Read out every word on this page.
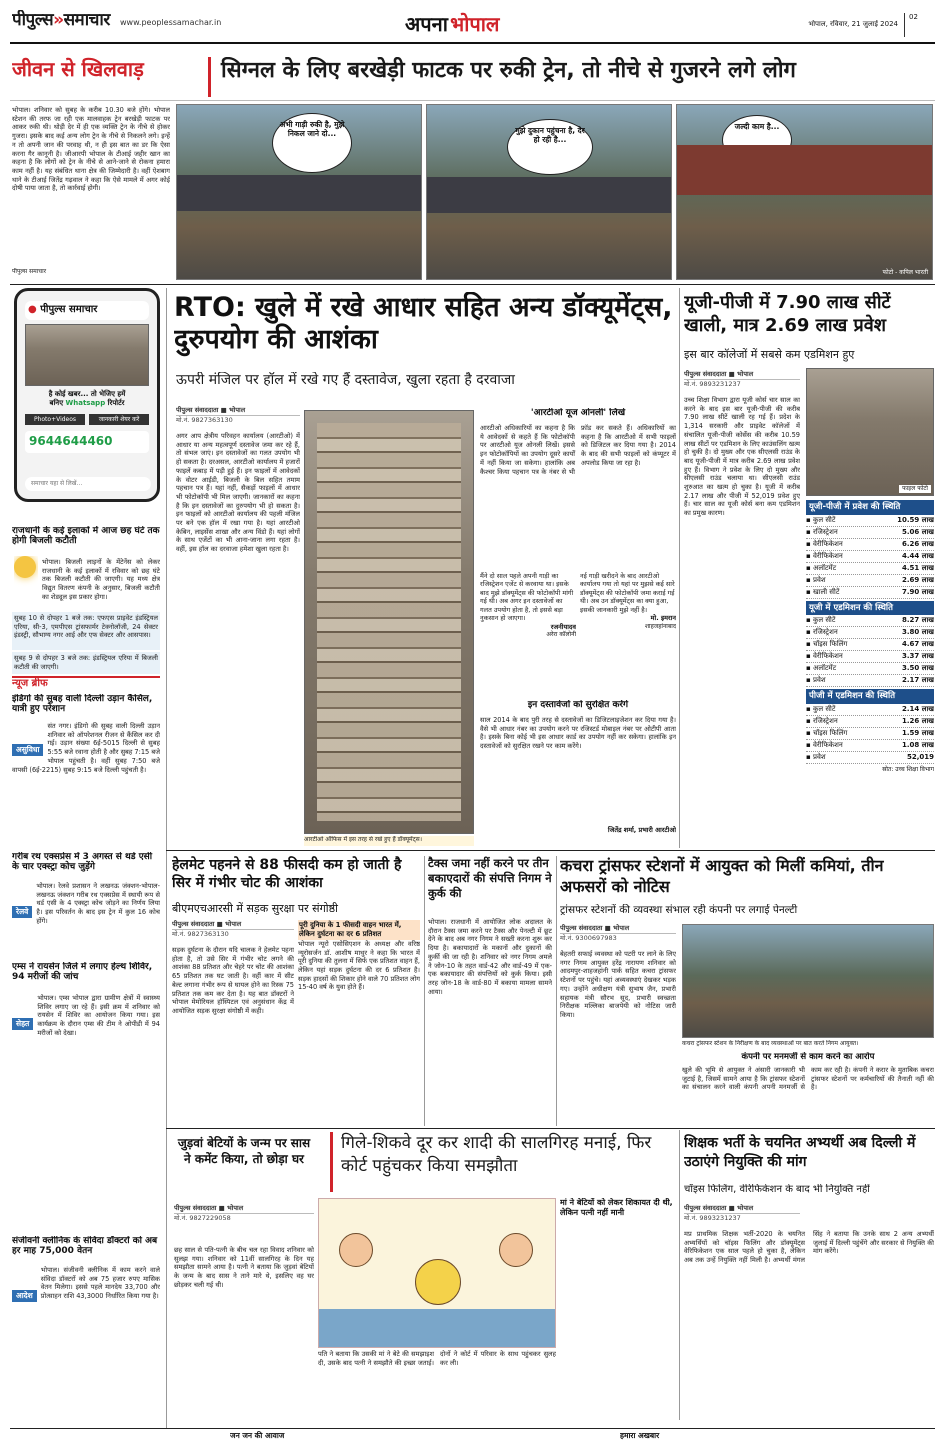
पीपुल्स»समाचार www.peoplessamachar.in	अपना भोपाल	भोपाल, रविवार, 21 जुलाई 2024
02
जीवन से खिलवाड़	सिग्नल के लिए बरखेड़ी फाटक पर रुकी ट्रेन, तो नीचे से गुजरने लगे लोग
भोपाल। शनिवार को सुबह के करीब 10.30 बजे होंगे। भोपाल स्टेशन की तरफ जा रही एक मालवाहक ट्रेन बरखेड़ी फाटक पर आकर रुकी थी। थोड़ी देर में ही एक व्यक्ति ट्रेन के नीचे से होकर गुजरा। इसके बाद कई अन्य लोग ट्रेन के नीचे से निकलने लगे। इन्हें न तो अपनी जान की परवाह थी, न ही इस बात का डर कि ऐसा करना गैर कानूनी है। जीआरपी भोपाल के टीआई जहीर खान का कहना है कि लोगों को ट्रेन के नीचे से आने-जाने से रोकना हमारा काम नहीं है। यह संबंधित थाना क्षेत्र की जिम्मेदारी है। वहीं ऐशबाग थाने के टीआई जितेंद्र गढ़वाल ने कहा कि ऐसे मामले में अगर कोई दोषी पाया जाता है, तो कार्रवाई होगी।
पीपुल्स समाचार
अभी गाड़ी रुकी है, मुझे निकल जाने दो...	मुझे दुकान पहुंचना है, देर हो रही है...
जल्दी काम है...
फोटो - कपिल भारती
● पीपुल्स समाचार
है कोई खबर... तो भेजिए हमें
बनिए Whatsapp रिपोर्टर
Photo+Videos	जानकारी शेयर करें
9644644460
समाचार यहा से लिखें...
राजधानी के कई इलाकों में आज छह घंटे तक होगी बिजली कटौती
भोपाल। बिजली लाइनों के मेंटेनेंस को लेकर राजधानी के कई इलाकों में रविवार को छह घंटे तक बिजली कटौती की जाएगी। यह मध्य क्षेत्र विद्युत वितरण कंपनी के अनुसार, बिजली कटौती का शेड्यूल इस प्रकार होगा।
सुबह 10 से दोपहर 1 बजे तक: एफएस प्राइवेट इंडस्ट्रियल एरिया, सी-3, एमपीएस ट्रांसफार्मर टेक्नोलॉजी, 24 सेक्टर इंडस्ट्री, सौभाग्य नगर आई और एफ सेक्टर और आसपास।
सुबह 9 से दोपहर 3 बजे तक: इंडस्ट्रियल एरिया में बिजली कटौती की जाएगी।
न्यूज ब्रीफ
इंडिगो की सुबह वाली दिल्ली उड़ान कैंसिल, यात्री हुए परेशान
असुविधा
संत नगर। इंडिगो की सुबह वाली दिल्ली उड़ान शनिवार को ऑपरेशनल रीजन से कैंसिल कर दी गई। उड़ान संख्या 6ई-5015 दिल्ली से सुबह 5:55 बजे रवाना होती है और सुबह 7:15 बजे भोपाल पहुंचती है। वहीं सुबह 7:50 बजे वापसी (6ई-2215) सुबह 9:15 बजे दिल्ली पहुंचती है।
गरीब रथ एक्सप्रेस में 3 अगस्त से थर्ड एसी के चार एक्स्ट्रा कोच जुड़ेंगे
रेलवे
भोपाल। रेलवे प्रशासन ने लखनऊ जंक्शन-भोपाल-लखनऊ जंक्शन गरीब रथ एक्सप्रेस में स्थायी रूप से थर्ड एसी के 4 एक्स्ट्रा कोच जोड़ने का निर्णय लिया है। इस परिवर्तन के बाद इस ट्रेन में कुल 16 कोच होंगे।
एम्स ने रायसेन जिले में लगाए हेल्थ शिविर, 94 मरीजों की जांच
सेहत
भोपाल। एम्स भोपाल द्वारा ग्रामीण क्षेत्रों में स्वास्थ्य शिविर लगाए जा रहे हैं। इसी क्रम में शनिवार को रायसेन में शिविर का आयोजन किया गया। इस कार्यक्रम के दौरान एम्स की टीम ने ओपीडी में 94 मरीजों को देखा।
संजीवनी क्लीनिक के संविदा डॉक्टरों को अब हर माह 75,000 वेतन
आदेश
भोपाल। संजीवनी क्लीनिक में काम करने वाले संविदा डॉक्टरों को अब 75 हजार रुपए मासिक वेतन मिलेगा। इससे पहले मानदेय 33,700 और प्रोत्साहन राशि 43,3000 निर्धारित किया गया है।
RTO: खुले में रखे आधार सहित अन्य डॉक्यूमेंट्स, दुरुपयोग की आशंका
ऊपरी मंजिल पर हॉल में रखे गए हैं दस्तावेज, खुला रहता है दरवाजा
पीपुल्स संवाददाता ■ भोपाल
मो.नं. 9827363130
अगर आप क्षेत्रीय परिवहन कार्यालय (आरटीओ) में आधार या अन्य महत्वपूर्ण दस्तावेज जमा कर रहे हैं, तो संभल जाएं। इन दस्तावेजों का गलत उपयोग भी हो सकता है। दरअसल, आरटीओ कार्यालय में हजारों फाइलें कबाड़ में पड़ी हुई हैं। इन फाइलों में आवेदकों के वोटर आईडी, बिजली के बिल सहित तमाम पहचान पत्र हैं। यहां नहीं, सैकड़ों फाइलों में आधार भी फोटोकॉपी भी मिल जाएगी। जानकारों का कहना है कि इन दस्तावेजों का दुरुपयोग भी हो सकता है। इन फाइलों को आरटीओ कार्यालय की पहली मंजिल पर बने एक हॉल में रखा गया है। यहां आरटीओ केबिन, लाइसेंस शाखा और अन्य विंडो हैं। यहां लोगों के साथ एजेंटों का भी आना-जाना लगा रहता है। वहीं, इस हॉल का दरवाजा हमेशा खुला रहता है।
आरटीओ ऑफिस में इस तरह से रखे हुए हैं डॉक्यूमेंट्स।
'आरटीओ यूज ओनली' लिखे
आरटीओ अधिकारियों का कहना है कि ये आवेदकों से कहते हैं कि फोटोकॉपी पर आरटीओ यूज ओनली लिखें। इससे इन फोटोकॉपियों का उपयोग दूसरे कार्यों में नहीं किया जा सकेगा। हालांकि अब कैश्चर किया पहचान पत्र के नंबर से भी फ्रॉड कर सकते हैं। अधिकारियों का कहना है कि आरटीओ में सभी फाइलों को डिजिटल कर दिया गया है। 2014 के बाद की सभी फाइलों को कंप्यूटर में अपलोड किया जा रहा है।
मैंने दो साल पहले अपनी गाड़ी का रजिस्ट्रेशन एजेंट से करवाया था। इसके बाद मुझे डॉक्यूमेंट्स की फोटोकॉपी मांगी गई थी। अब अगर इन दस्तावेजों का गलत उपयोग होता है, तो इससे बड़ा नुकसान हो जाएगा।
रजनीयादव
अरेरा कॉलोनी
नई गाड़ी खरीदने के बाद आरटीओ कार्यालय गया तो यहां पर मुझसे कई सारे डॉक्यूमेंट्स की फोटोकॉपी जमा कराई गई थी। अब उन डॉक्यूमेंट्स का क्या हुआ, इसकी जानकारी मुझे नहीं है।
मो. इमरान
शाहजहांनाबाद
इन दस्तावेजों को सुरक्षित करेंगे
साल 2014 के बाद पुरी तरह से दस्तावेजों का डिजिटलाइजेशन कर दिया गया है। वैसे भी आधार नंबर का उपयोग करने पर रजिस्टर्ड मोबाइल नंबर पर ओटीपी आता है। इसके बिना कोई भी इस आधार कार्ड का उपयोग नहीं कर सकेगा। हालांकि इन दस्तावेजों को सुरक्षित रखने पर काम करेंगे।
जितेंद्र शर्मा, प्रभारी आरटीओ
यूजी-पीजी में 7.90 लाख सीटें खाली, मात्र 2.69 लाख प्रवेश
इस बार कॉलेजों में सबसे कम एडमिशन हुए
पीपुल्स संवाददाता ■ भोपाल
मो.नं. 9893231237
उच्च शिक्षा विभाग द्वारा यूजी कोर्स चार साल का करने के बाद इस बार यूजी-पीजी की करीब 7.90 लाख सीटें खाली रह गई हैं। प्रदेश के 1,314 सरकारी और प्राइवेट कॉलेजों में संचालित यूजी-पीजी कोर्सेस की करीब 10.59 लाख सीटों पर एडमिशन के लिए काउंसलिंग खत्म हो चुकी है। दो मुख्य और एक सीएलसी राउंड के बाद यूजी-पीजी में मात्र करीब 2.69 लाख प्रवेश हुए हैं। विभाग ने प्रवेश के लिए दो मुख्य और सीएलसी राउंड चलाया था। सीएलसी राउंड शुरुआत का खत्म हो चुका है। यूजी में करीब 2.17 लाख और पीजी में 52,019 प्रवेश हुए हैं। चार साल का यूजी कोर्स बना कम एडमिशन का प्रमुख कारण।
फाइल फोटो
यूजी-पीजी में प्रवेश की स्थिति
▪ कुल सीटें	10.59 लाख
▪ रजिस्ट्रेशन	5.06 लाख
▪ वेरीफिकेशन	6.26 लाख
▪ वेरीफिकेशन	4.44 लाख
▪ अलॉटमेंट	4.51 लाख
▪ प्रवेश	2.69 लाख
▪ खाली सीटें	7.90 लाख
यूजी में एडमिशन की स्थिति
▪ कुल सीटें	8.27 लाख
▪ रजिस्ट्रेशन	3.80 लाख
▪ चॉइस फिलिंग	4.67 लाख
▪ वेरीफिकेशन	3.37 लाख
▪ अलॉटमेंट	3.50 लाख
▪ प्रवेश	2.17 लाख
पीजी में एडमिशन की स्थिति
▪ कुल सीटें	2.14 लाख
▪ रजिस्ट्रेशन	1.26 लाख
▪ चॉइस फिलिंग	1.59 लाख
▪ वेरीफिकेशन	1.08 लाख
▪ प्रवेश	52,019
स्रोत: उच्च शिक्षा विभाग
हेलमेट पहनने से 88 फीसदी कम हो जाती है सिर में गंभीर चोट की आशंका
बीएमएचआरसी में सड़क सुरक्षा पर संगोष्ठी
पीपुल्स संवाददाता ■ भोपाल
मो.नं. 9827363130
सड़क दुर्घटना के दौरान यदि चालक ने हेलमेट पहना होता है, तो उसे सिर में गंभीर चोट लगने की आशंका 88 प्रतिशत और चेहरे पर चोट की आशंका 65 प्रतिशत तक घट जाती है। वहीं कार में सीट बेल्ट लगाना गंभीर रूप से घायल होने का रिस्क 75 प्रतिशत तक कम कर देता है। यह बात डॉक्टरों ने भोपाल मेमोरियल हॉस्पिटल एवं अनुसंधान केंद्र में आयोजित सड़क सुरक्षा संगोष्ठी में कही।
पूरी दुनिया के 1 फीसदी वाहन भारत में, लेकिन दुर्घटना का दर 6 प्रतिशत
भोपाल न्यूरो एसोसिएशन के अध्यक्ष और वरिष्ठ न्यूरोसर्जन डॉ. आशीष माथुर ने कहा कि भारत में पूरी दुनिया की तुलना में सिर्फ एक प्रतिशत वाहन हैं, लेकिन यहां सड़क दुर्घटना की दर 6 प्रतिशत है। सड़क हादसों की शिकार होने वाले 70 प्रतिशत लोग 15-40 वर्ष के युवा होते हैं।
टैक्स जमा नहीं करने पर तीन बकाएदारों की संपत्ति निगम ने कुर्क की
भोपाल। राजधानी में आयोजित लोक अदालत के दौरान टैक्स जमा करने पर टैक्स और पेनल्टी में छूट देने के बाद अब नगर निगम ने सख्ती करना शुरू कर दिया है। बकायादारों के मकानों और दुकानों की कुर्की की जा रही है। शनिवार को नगर निगम अमले ने जोन-10 के तहत वार्ड-42 और वार्ड-49 में एक-एक बकायादार की संपत्तियों को कुर्क किया। इसी तरह जोन-18 के वार्ड-80 में बकाया मामला सामने आया।
कचरा ट्रांसफर स्टेशनों में आयुक्त को मिलीं कमियां, तीन अफसरों को नोटिस
ट्रांसफर स्टेशनों की व्यवस्था संभाल रही कंपनी पर लगाई पेनल्टी
पीपुल्स संवाददाता ■ भोपाल
मो.नं. 9300697983
बेहतरी सफाई व्यवस्था को पटरी पर लाने के लिए नगर निगम आयुक्त हरेंद्र नारायण शनिवार को आदमपुर-शाहजहांनी पार्क सहित कचरा ट्रांसफर स्टेशनों पर पहुंचे। यहां अव्यवस्थाएं देखकर भड़क गए। उन्होंने अधीक्षण यंत्री सुभाष जैन, प्रभारी सहायक मंत्री सौरभ सूद, प्रभारी स्वच्छता निरीक्षक मल्लिका बाजपेयी को नोटिस जारी किया।
कचरा ट्रांसफर स्टेशन के निरीक्षण के बाद व्यवस्थाओं पर बात करते निगम आयुक्त।
कंपनी पर मनमर्जी से काम करने का आरोप
खुले की भूमि से आयुक्त ने अंसारी जानकारी भी जुटाई है, जिसमें सामने आया है कि ट्रांसफर स्टेशनों का संचालन करने वाली कंपनी अपनी मनमर्जी से काम कर रही है। कंपनी ने करार के मुताबिक कचरा ट्रांसफर स्टेशनों पर कर्मचारियों की तैनाती नहीं की है।
जुड़वां बेटियों के जन्म पर सास ने कमेंट किया, तो छोड़ा घर
गिले-शिकवे दूर कर शादी की सालगिरह मनाई, फिर कोर्ट पहुंचकर किया समझौता
पीपुल्स संवाददाता ■ भोपाल
मो.नं. 9827229058
छह साल से पति-पत्नी के बीच चल रहा विवाद शनिवार को सुलझ गया। शनिवार को 11वीं सालगिरह के दिन यह समझौता सामने आया है। पत्नी ने बताया कि जुड़वां बेटियों के जन्म के बाद सास ने ताने मारे थे, इसलिए वह घर छोड़कर चली गई थी।
पति ने बताया कि उसकी मां ने बेटे की समझाइश दी, उसके बाद पत्नी ने समझौते की इच्छा जताई। दोनों ने कोर्ट में परिवार के साथ पहुंचकर सुलह कर ली।
मां ने बेटियों को लेकर शिकायत दी थी, लेकिन पत्नी नहीं मानी
शिक्षक भर्ती के चयनित अभ्यर्थी अब दिल्ली में उठाएंगे नियुक्ति की मांग
चॉइस फिलिंग, वेरिफिकेशन के बाद भी नियुक्ति नहीं
पीपुल्स संवाददाता ■ भोपाल
मो.नं. 9893231237
मप्र प्राथमिक शिक्षक भर्ती-2020 के चयनित अभ्यर्थियों को चॉइस फिलिंग और डॉक्यूमेंट्स वेरिफिकेशन एक साल पहले हो चुका है, लेकिन अब तक उन्हें नियुक्ति नहीं मिली है। अभ्यर्थी मंगल सिंह ने बताया कि उनके साथ 2 अन्य अभ्यर्थी जुलाई में दिल्ली पहुंचेंगे और सरकार से नियुक्ति की मांग करेंगे।
जन जन की आवाज	हमारा अखबार
